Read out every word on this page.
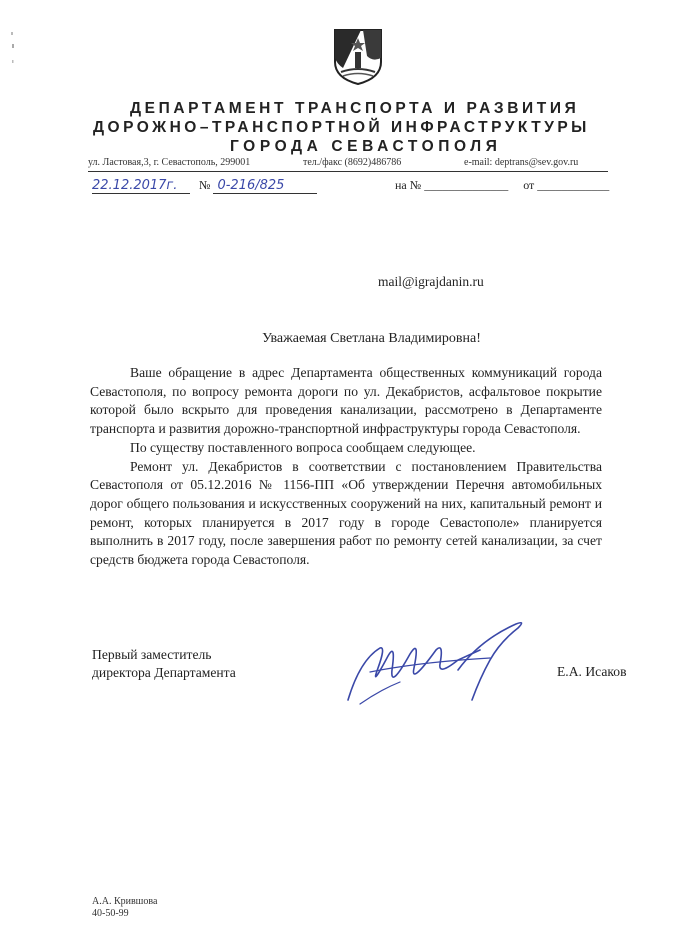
ДЕПАРТАМЕНТ ТРАНСПОРТА И РАЗВИТИЯ
ДОРОЖНО–ТРАНСПОРТНОЙ ИНФРАСТРУКТУРЫ
ГОРОДА СЕВАСТОПОЛЯ
ул. Ластовая,3, г. Севастополь, 299001	тел./факс (8692)486786	e-mail: deptrans@sev.gov.ru
22.12.2017г. № 0-216/825	на № ______________ от ____________
mail@igrajdanin.ru
Уважаемая Светлана Владимировна!

Ваше обращение в адрес Департамента общественных коммуникаций города Севастополя, по вопросу ремонта дороги по ул. Декабристов, асфальтовое покрытие которой было вскрыто для проведения канализации, рассмотрено в Департаменте транспорта и развития дорожно-транспортной инфраструктуры города Севастополя.

По существу поставленного вопроса сообщаем следующее.

Ремонт ул. Декабристов в соответствии с постановлением Правительства Севастополя от 05.12.2016 № 1156-ПП «Об утверждении Перечня автомобильных дорог общего пользования и искусственных сооружений на них, капитальный ремонт и ремонт, которых планируется в 2017 году в городе Севастополе» планируется выполнить в 2017 году, после завершения работ по ремонту сетей канализации, за счет средств бюджета города Севастополя.

Первый заместитель
директора Департамента	Е.А. Исаков
А.А. Крившова
40-50-99
